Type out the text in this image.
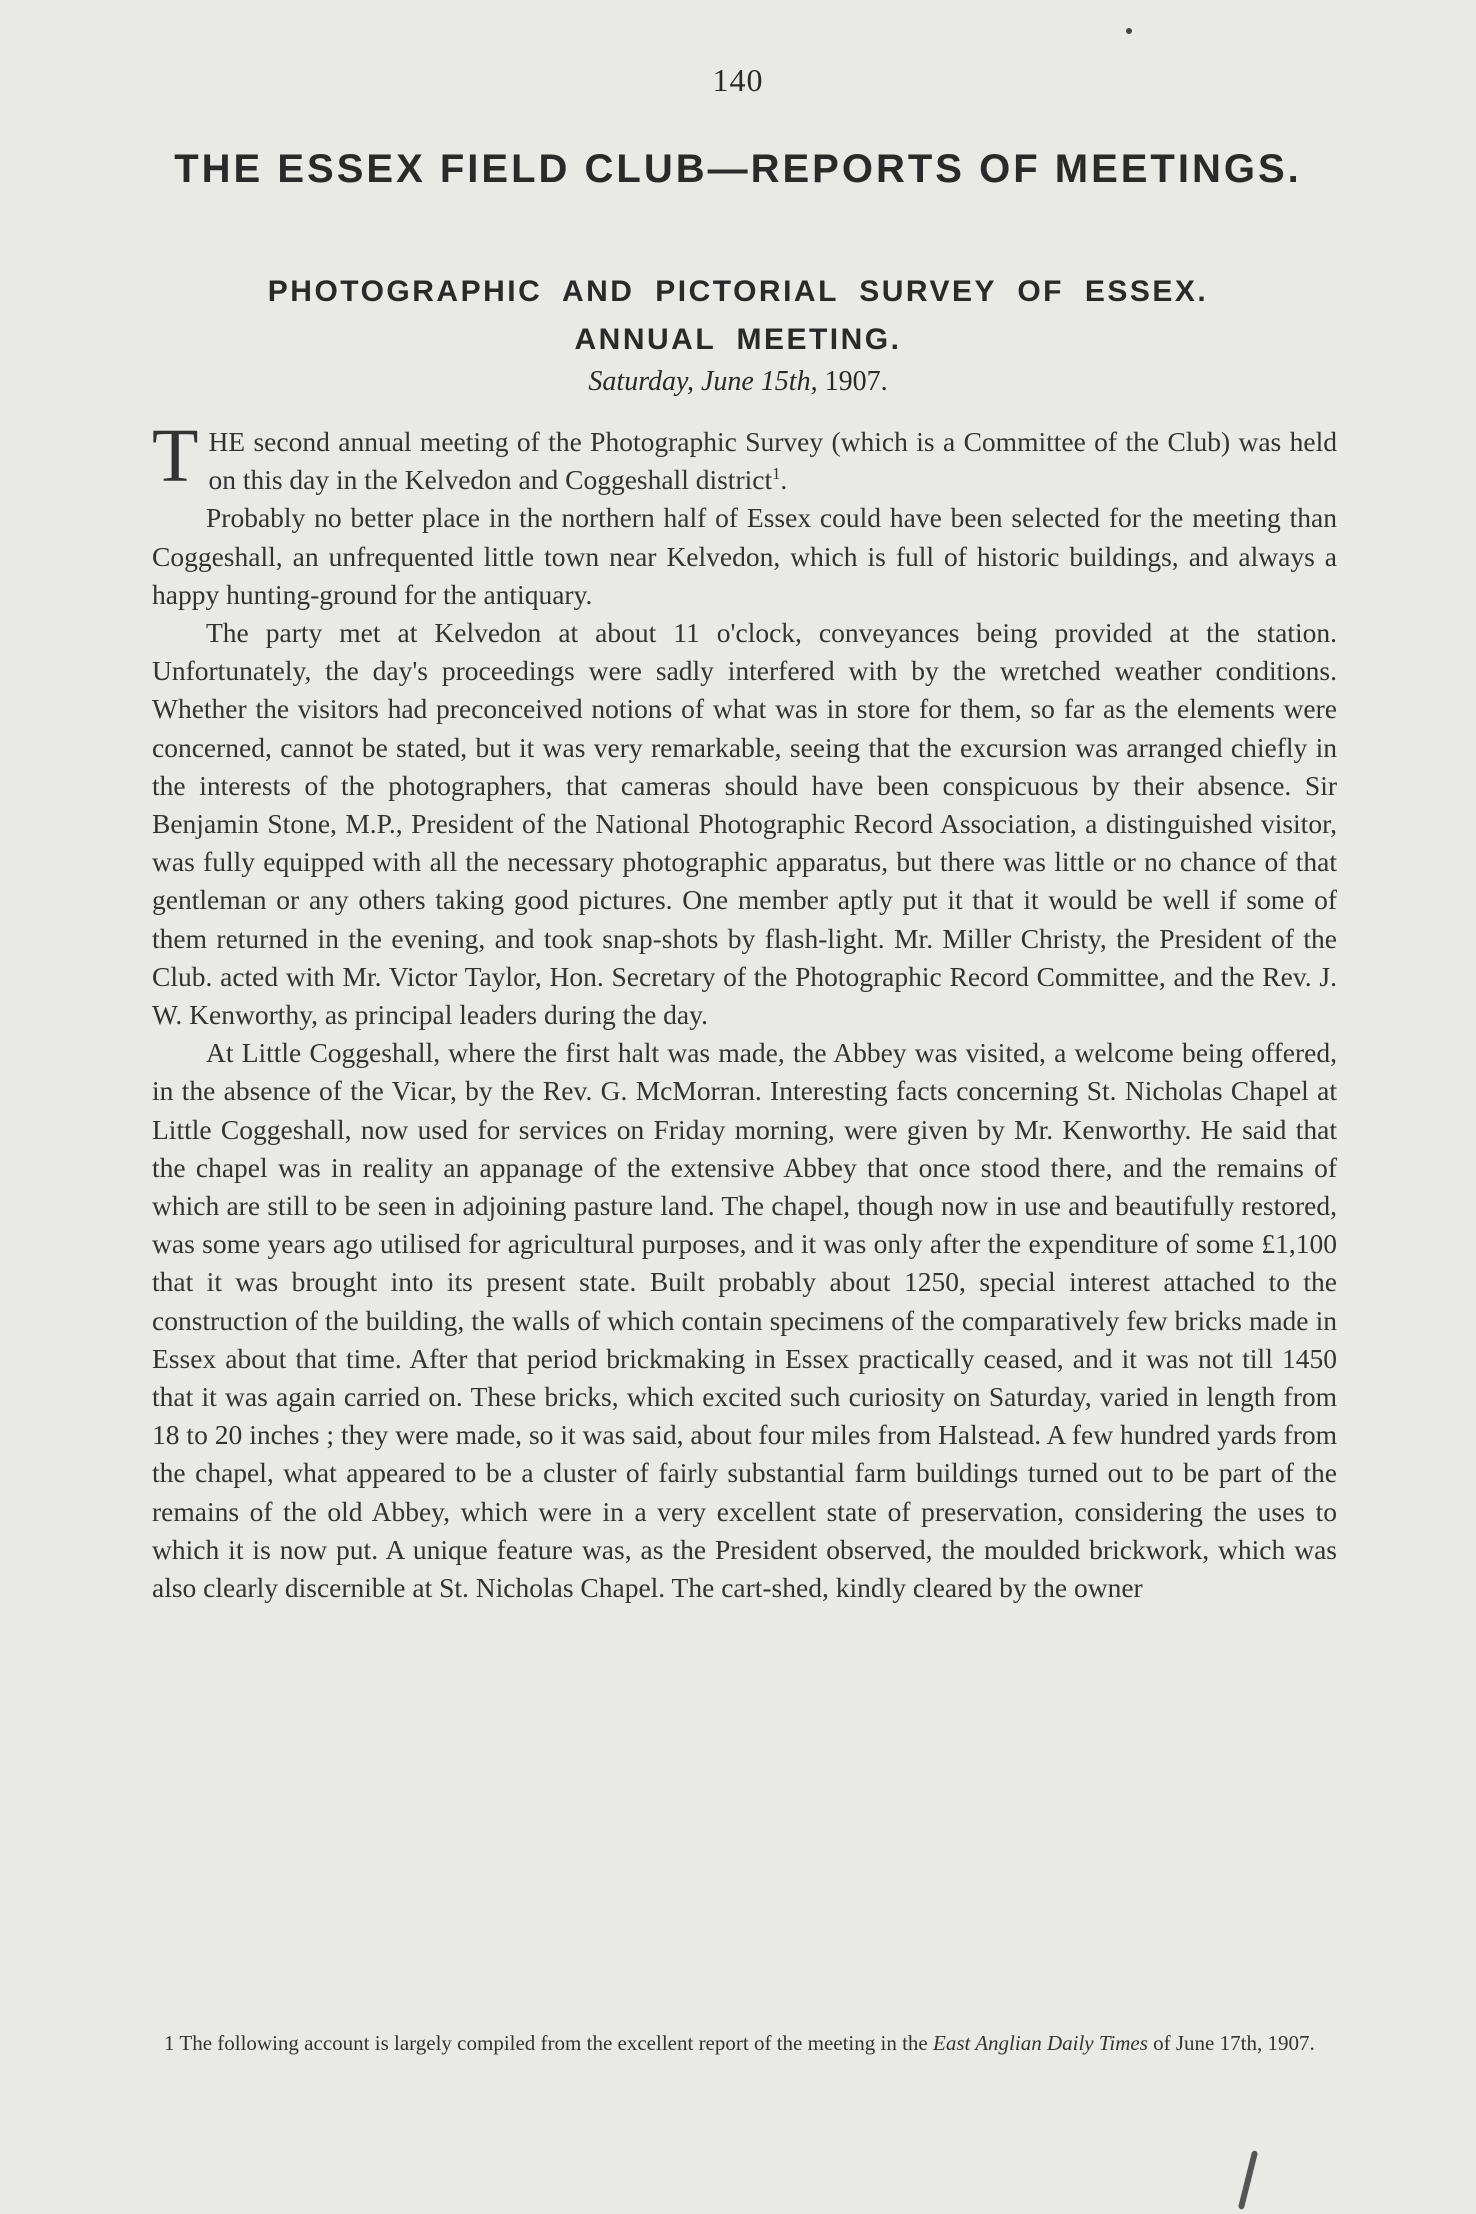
140
THE ESSEX FIELD CLUB—REPORTS OF MEETINGS.
PHOTOGRAPHIC AND PICTORIAL SURVEY OF ESSEX.
ANNUAL MEETING.
Saturday, June 15th, 1907.

THE second annual meeting of the Photographic Survey (which is a Committee of the Club) was held on this day in the Kelvedon and Coggeshall district$^1$.

Probably no better place in the northern half of Essex could have been selected for the meeting than Coggeshall, an unfrequented little town near Kelvedon, which is full of historic buildings, and always a happy hunting-ground for the antiquary.

The party met at Kelvedon at about 11 o'clock, conveyances being provided at the station. Unfortunately, the day's proceedings were sadly interfered with by the wretched weather conditions. Whether the visitors had preconceived notions of what was in store for them, so far as the elements were concerned, cannot be stated, but it was very remarkable, seeing that the excursion was arranged chiefly in the interests of the photographers, that cameras should have been conspicuous by their absence. Sir Benjamin Stone, M.P., President of the National Photographic Record Association, a distinguished visitor, was fully equipped with all the necessary photographic apparatus, but there was little or no chance of that gentleman or any others taking good pictures. One member aptly put it that it would be well if some of them returned in the evening, and took snap-shots by flash-light. Mr. Miller Christy, the President of the Club. acted with Mr. Victor Taylor, Hon. Secretary of the Photographic Record Committee, and the Rev. J. W. Kenworthy, as principal leaders during the day.

At Little Coggeshall, where the first halt was made, the Abbey was visited, a welcome being offered, in the absence of the Vicar, by the Rev. G. McMorran. Interesting facts concerning St. Nicholas Chapel at Little Coggeshall, now used for services on Friday morning, were given by Mr. Kenworthy. He said that the chapel was in reality an appanage of the extensive Abbey that once stood there, and the remains of which are still to be seen in adjoining pasture land. The chapel, though now in use and beautifully restored, was some years ago utilised for agricultural purposes, and it was only after the expenditure of some £1,100 that it was brought into its present state. Built probably about 1250, special interest attached to the construction of the building, the walls of which contain specimens of the comparatively few bricks made in Essex about that time. After that period brickmaking in Essex practically ceased, and it was not till 1450 that it was again carried on. These bricks, which excited such curiosity on Saturday, varied in length from 18 to 20 inches ; they were made, so it was said, about four miles from Halstead. A few hundred yards from the chapel, what appeared to be a cluster of fairly substantial farm buildings turned out to be part of the remains of the old Abbey, which were in a very excellent state of preservation, considering the uses to which it is now put. A unique feature was, as the President observed, the moulded brickwork, which was also clearly discernible at St. Nicholas Chapel. The cart-shed, kindly cleared by the owner

1 The following account is largely compiled from the excellent report of the meeting in the East Anglian Daily Times of June 17th, 1907.
